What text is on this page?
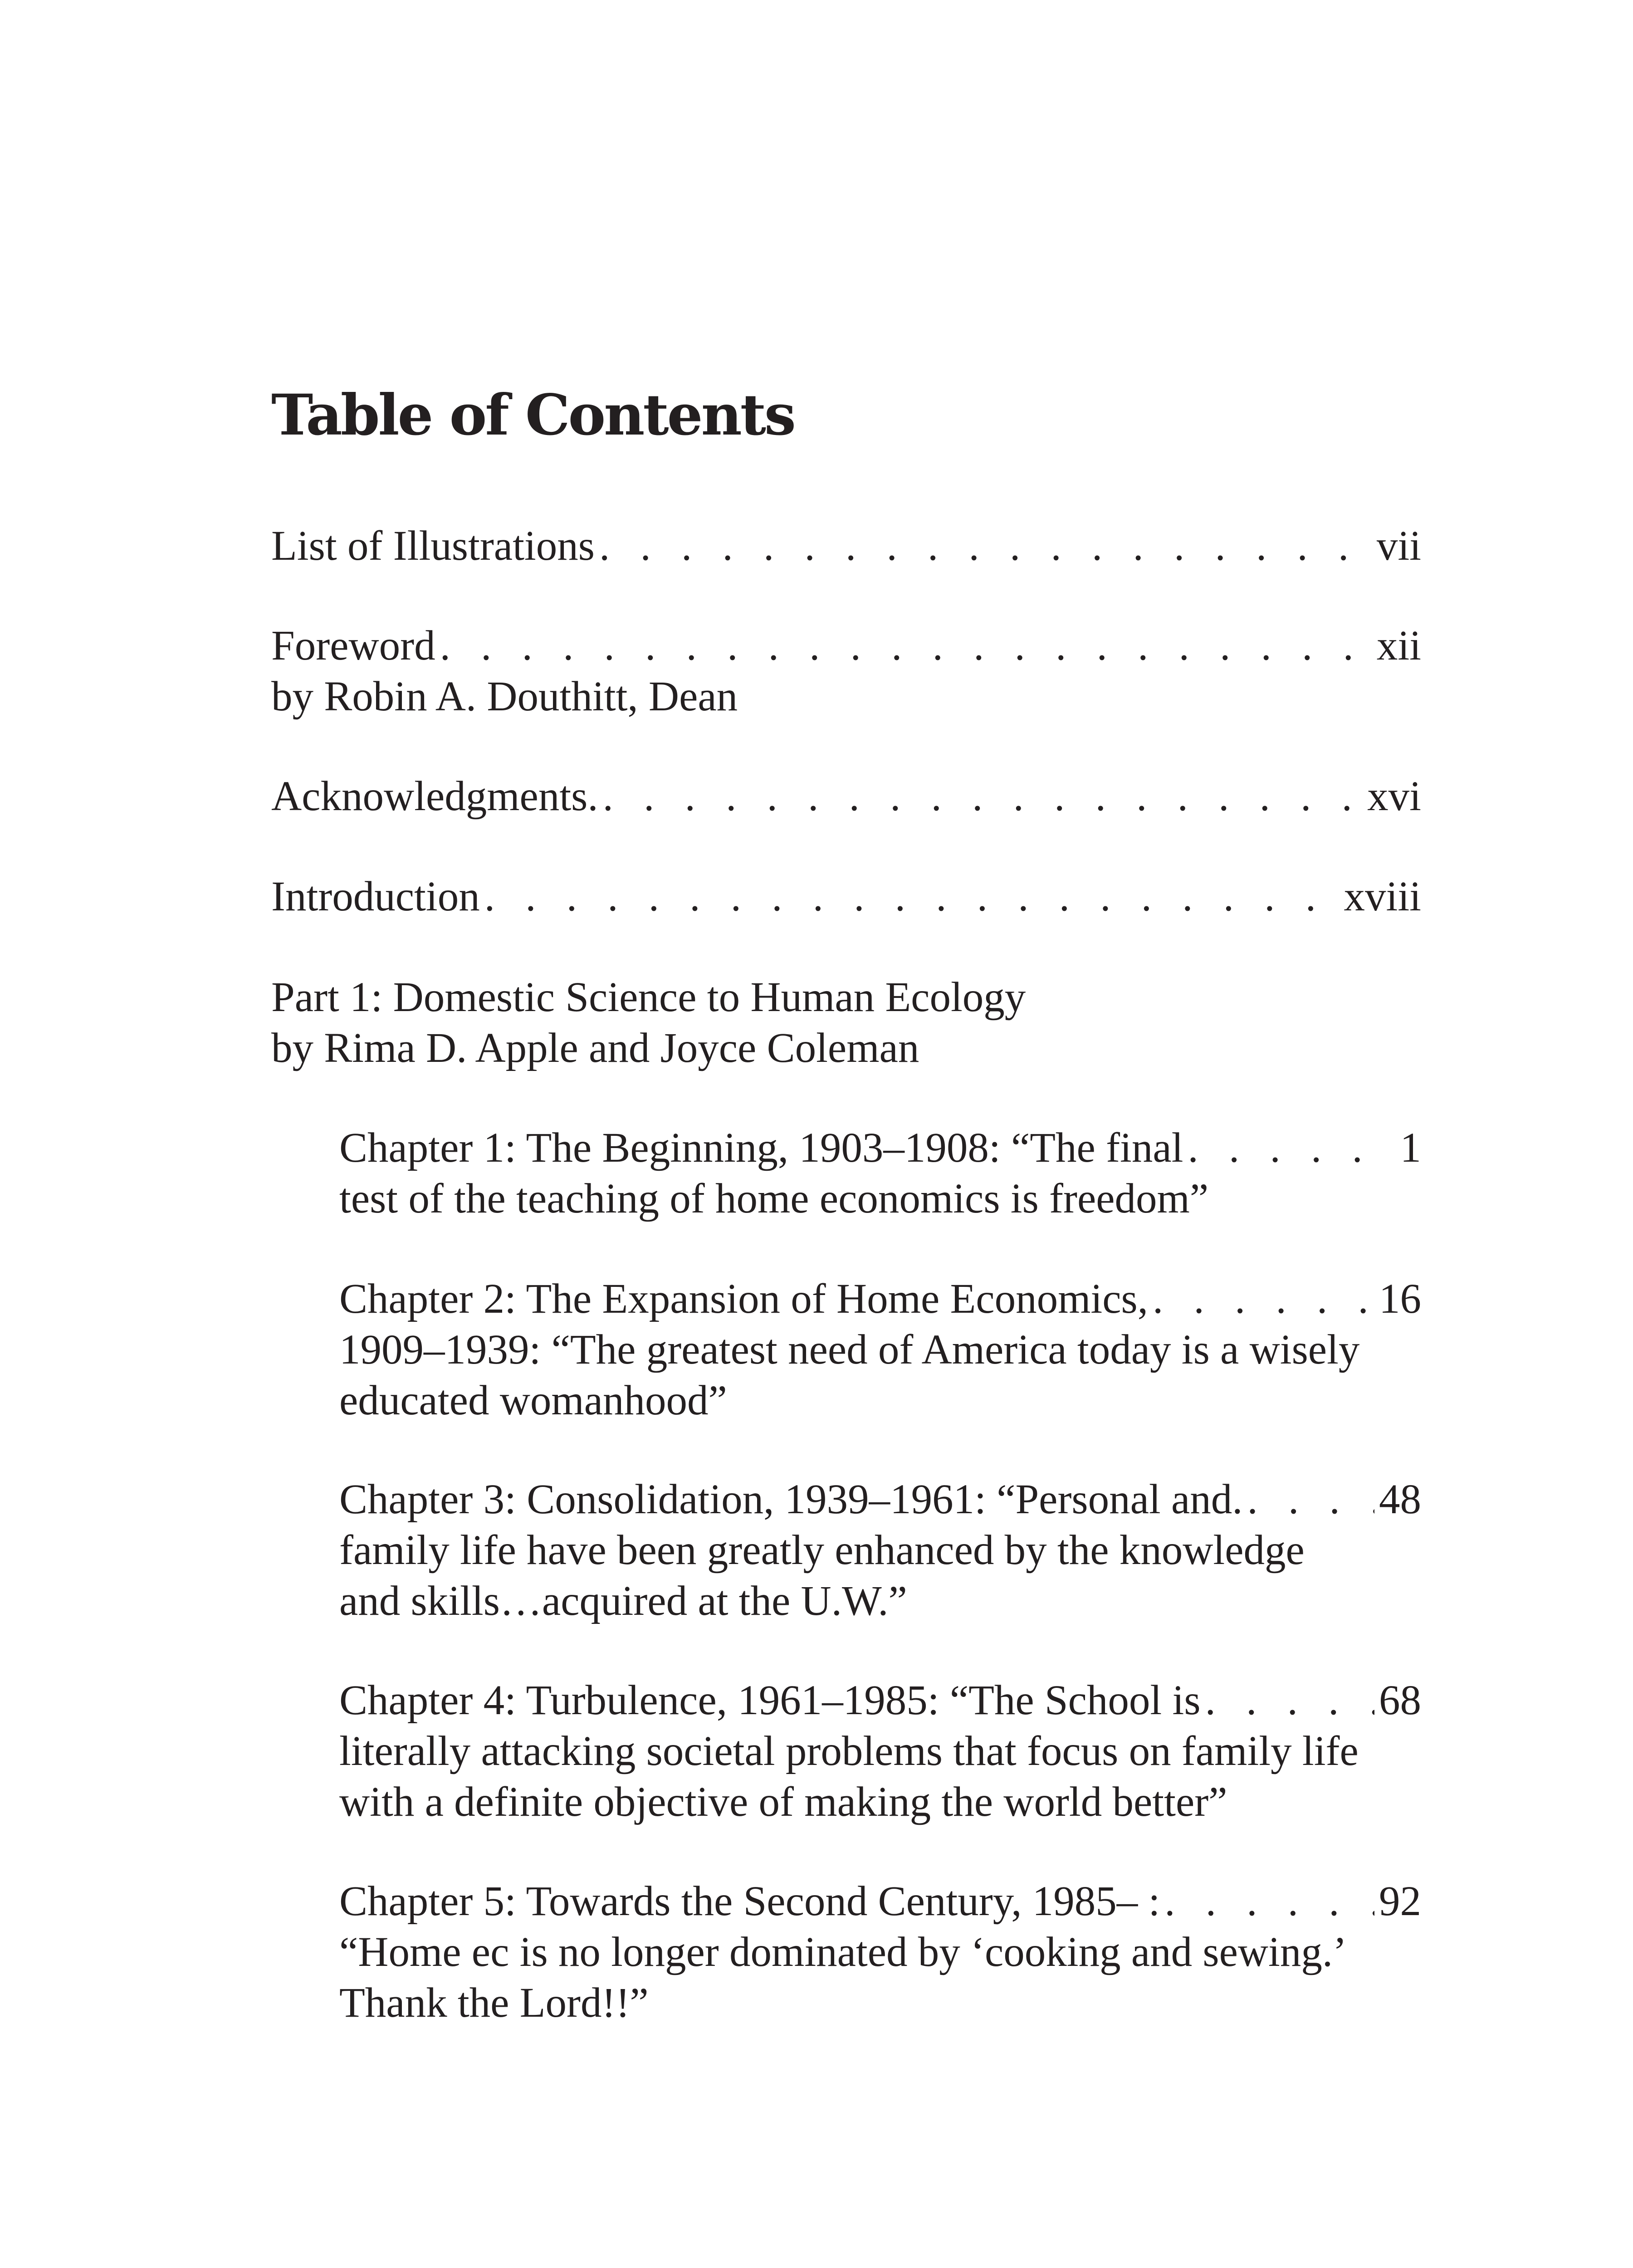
Table of Contents
List of Illustrations . . .	vii
Foreword . . .	xii
by Robin A. Douthitt, Dean
Acknowledgments. . . .	xvi
Introduction . . .	xviii
Part 1: Domestic Science to Human Ecology
by Rima D. Apple and Joyce Coleman
Chapter 1: The Beginning, 1903–1908: “The final . . .	1
test of the teaching of home economics is freedom”
Chapter 2: The Expansion of Home Economics, . . .	16
1909–1939: “The greatest need of America today is a wisely
educated womanhood”
Chapter 3: Consolidation, 1939–1961: “Personal and. . . .	48
family life have been greatly enhanced by the knowledge
and skills…acquired at the U.W.”
Chapter 4: Turbulence, 1961–1985: “The School is . . .	68
literally attacking societal problems that focus on family life
with a definite objective of making the world better”
Chapter 5: Towards the Second Century, 1985– : . . .	92
“Home ec is no longer dominated by ‘cooking and sewing.’
Thank the Lord!!”
